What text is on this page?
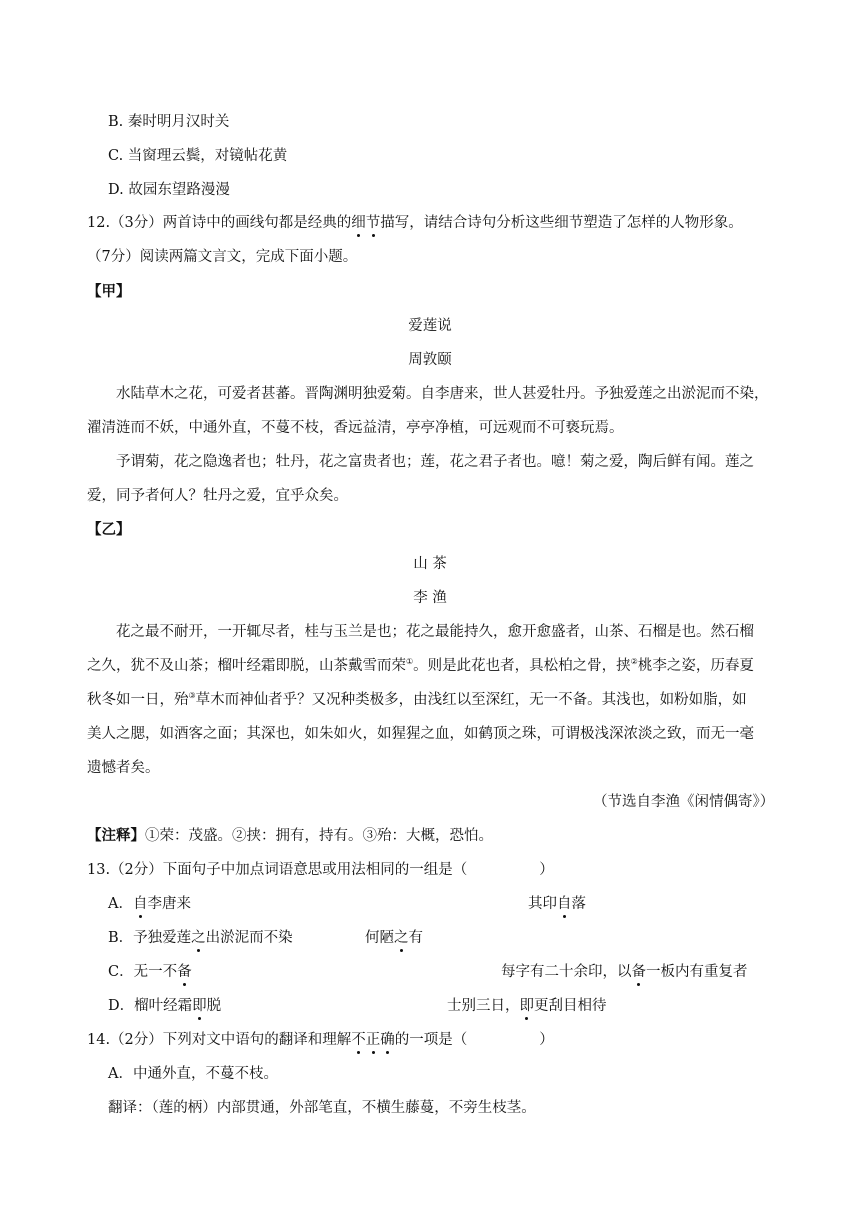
B. 秦时明月汉时关
C. 当窗理云鬓，对镜帖花黄
D. 故园东望路漫漫
12.（3分）两首诗中的画线句都是经典的细节描写，请结合诗句分析这些细节塑造了怎样的人物形象。
（7分）阅读两篇文言文，完成下面小题。
【甲】
爱莲说
周敦颐
水陆草木之花，可爱者甚蕃。晋陶渊明独爱菊。自李唐来，世人甚爱牡丹。予独爱莲之出淤泥而不染，
濯清涟而不妖，中通外直，不蔓不枝，香远益清，亭亭净植，可远观而不可亵玩焉。
予谓菊，花之隐逸者也；牡丹，花之富贵者也；莲，花之君子者也。噫！菊之爱，陶后鲜有闻。莲之
爱，同予者何人？牡丹之爱，宜乎众矣。
【乙】
山 茶
李 渔
花之最不耐开，一开辄尽者，桂与玉兰是也；花之最能持久，愈开愈盛者，山茶、石榴是也。然石榴
之久，犹不及山茶；榴叶经霜即脱，山茶戴雪而荣①。则是此花也者，具松柏之骨，挟②桃李之姿，历春夏
秋冬如一日，殆③草木而神仙者乎？又况种类极多，由浅红以至深红，无一不备。其浅也，如粉如脂，如
美人之腮，如酒客之面；其深也，如朱如火，如猩猩之血，如鹤顶之珠，可谓极浅深浓淡之致，而无一毫
遗憾者矣。
（节选自李渔《闲情偶寄》）
【注释】①荣：茂盛。②挟：拥有，持有。③殆：大概，恐怕。
13.（2分）下面句子中加点词语意思或用法相同的一组是（	）
A．自李唐来	其印自落
B．予独爱莲之出淤泥而不染	何陋之有
C．无一不备	每字有二十余印，以备一板内有重复者
D．榴叶经霜即脱	士别三日，即更刮目相待
14.（2分）下列对文中语句的翻译和理解不正确的一项是（	）
A．中通外直，不蔓不枝。
翻译：（莲的柄）内部贯通，外部笔直，不横生藤蔓，不旁生枝茎。
